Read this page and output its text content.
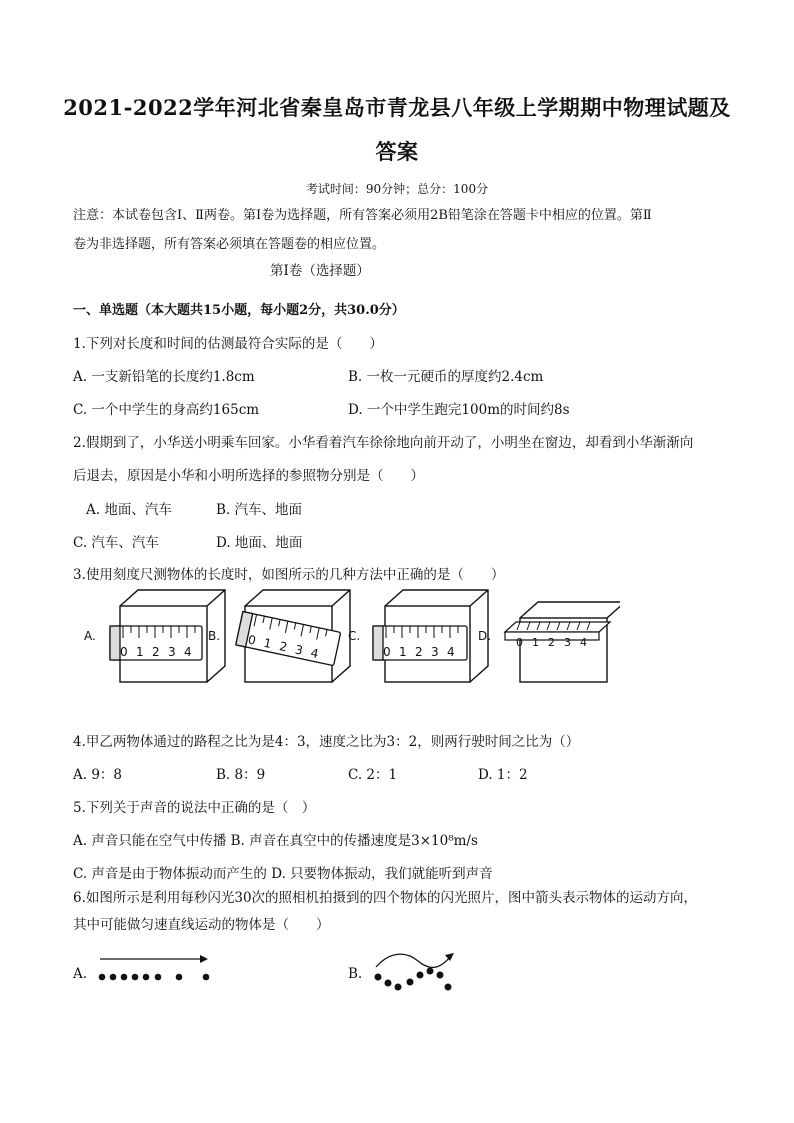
2021-2022学年河北省秦皇岛市青龙县八年级上学期期中物理试题及
答案
考试时间：90分钟；总分：100分
注意：本试卷包含Ⅰ、Ⅱ两卷。第Ⅰ卷为选择题，所有答案必须用2B铅笔涂在答题卡中相应的位置。第Ⅱ
卷为非选择题，所有答案必须填在答题卷的相应位置。
第Ⅰ卷（选择题）
一、单选题（本大题共15小题，每小题2分，共30.0分）
1.下列对长度和时间的估测最符合实际的是（　　）
A. 一支新铅笔的长度约1.8cm	B. 一枚一元硬币的厚度约2.4cm
C. 一个中学生的身高约165cm	D. 一个中学生跑完100m的时间约8s
2.假期到了，小华送小明乘车回家。小华看着汽车徐徐地向前开动了，小明坐在窗边，却看到小华渐渐向
后退去，原因是小华和小明所选择的参照物分别是（　　）
A. 地面、汽车	B. 汽车、地面
C. 汽车、汽车	D. 地面、地面
3.使用刻度尺测物体的长度时，如图所示的几种方法中正确的是（　　）
A.	B.	C.	D.
0 1 2 3 4
0 1 2 3 4	0 1 2 3 4
0 1 2 3 4
4.甲乙两物体通过的路程之比为是4：3，速度之比为3：2，则两行驶时间之比为（）
A. 9：8	B. 8：9	C. 2：1	D. 1：2
5.下列关于声音的说法中正确的是（　）
A. 声音只能在空气中传播 B. 声音在真空中的传播速度是3×10⁸m/s
C. 声音是由于物体振动而产生的 D. 只要物体振动，我们就能听到声音
6.如图所示是利用每秒闪光30次的照相机拍摄到的四个物体的闪光照片，图中箭头表示物体的运动方向，
其中可能做匀速直线运动的物体是（　　）
A.	B.
